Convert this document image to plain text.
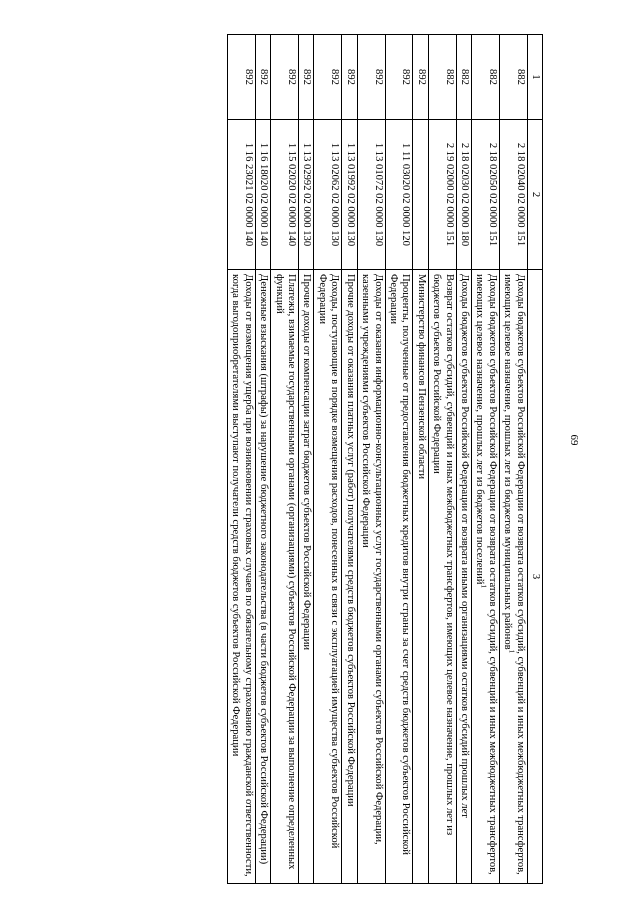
69
1	2	3
882	2 18 02040 02 0000 151	Доходы бюджетов субъектов Российской Федерации от возврата остатков субсидий, субвенций и иных межбюджетных трансфертов, имеющих целевое назначение, прошлых лет из бюджетов муниципальных районов$^1$
882	2 18 02050 02 0000 151	Доходы бюджетов субъектов Российской Федерации от возврата остатков субсидий, субвенций и иных межбюджетных трансфертов, имеющих целевое назначение, прошлых лет из бюджетов поселений$^1$
882	2 18 02030 02 0000 180	Доходы бюджетов субъектов Российской Федерации от возврата иными организациями остатков субсидий прошлых лет
882	2 19 02000 02 0000 151	Возврат остатков субсидий, субвенций и иных межбюджетных трансфертов, имеющих целевое назначение, прошлых лет из бюджетов субъектов Российской Федерации
892		Министерство финансов Пензенской области
892	1 11 03020 02 0000 120	Проценты, полученные от предоставления бюджетных кредитов внутри страны за счет средств бюджетов субъектов Российской Федерации
892	1 13 01072 02 0000 130	Доходы от оказания информационно-консультационных услуг государственными органами субъектов Российской Федерации, казенными учреждениями субъектов Российской Федерации
892	1 13 01992 02 0000 130	Прочие доходы от оказания платных услуг (работ) получателями средств бюджетов субъектов Российской Федерации
892	1 13 02062 02 0000 130	Доходы, поступающие в порядке возмещения расходов, понесенных в связи с эксплуатацией имущества субъектов Российской Федерации
892	1 13 02992 02 0000 130	Прочие доходы от компенсации затрат бюджетов субъектов Российской Федерации
892	1 15 02020 02 0000 140	Платежи, взимаемые государственными органами (организациями) субъектов Российской Федерации за выполнение определенных функций
892	1 16 18020 02 0000 140	Денежные взыскания (штрафы) за нарушение бюджетного законодательства (в части бюджетов субъектов Российской Федерации)
892	1 16 23021 02 0000 140	Доходы от возмещения ущерба при возникновении страховых случаев по обязательному страхованию гражданской ответственности, когда выгодоприобретателями выступают получатели средств бюджетов субъектов Российской Федерации
